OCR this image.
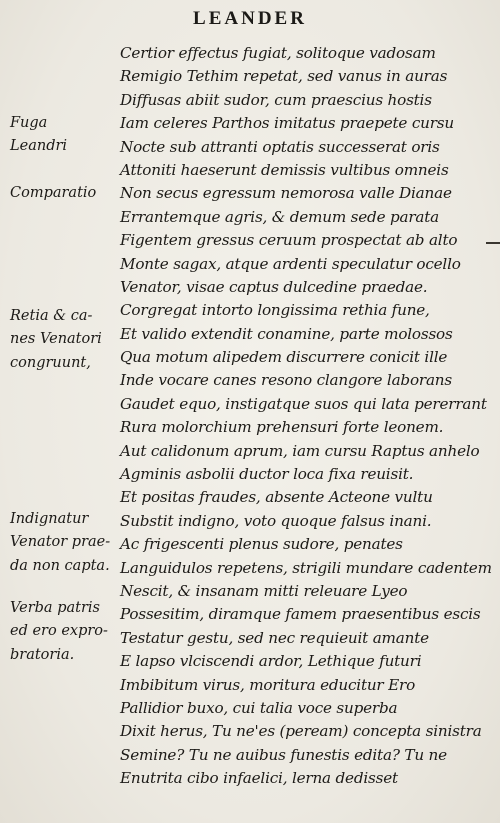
LEANDER
Certior effectus fugiat, solitoque vadosam
Remigio Tethim repetat, sed vanus in auras
Diffusas abiit sudor, cum praescius hostis
Iam celeres Parthos imitatus praepete cursu
Nocte sub attranti optatis successerat oris
Attoniti haeserunt demissis vultibus omneis
Non secus egressum nemorosa valle Dianae
Errantemque agris, & demum sede parata
Figentem gressus ceruum prospectat ab alto
Monte sagax, atque ardenti speculatur ocello
Venator, visae captus dulcedine praedae.
Corgregat intorto longissima rethia fune,
Et valido extendit conamine, parte molossos
Qua motum alipedem discurrere conicit ille
Inde vocare canes resono clangore laborans
Gaudet equo, instigatque suos qui lata pererrant
Rura molorchium prehensuri forte leonem.
Aut calidonum aprum, iam cursu Raptus anhelo
Agminis asbolii ductor loca fixa reuisit.
Et positas fraudes, absente Acteone vultu
Substit indigno, voto quoque falsus inani.
Ac frigescenti plenus sudore, penates
Languidulos repetens, strigili mundare cadentem
Nescit, & insanam mitti releuare Lyeo
Possesitim, diramque famem praesentibus escis
Testatur gestu, sed nec requieuit amante
E lapso vlciscendi ardor, Lethique futuri
Imbibitum virus, moritura educitur Ero
Pallidior buxo, cui talia voce superba
Dixit herus, Tu ne'es (peream) concepta sinistra
Semine? Tu ne auibus funestis edita? Tu ne
Enutrita cibo infaelici, lerna dedisset
Fuga
Leandri
Comparatio
Retia & ca-
nes Venatori
congruunt,
Indignatur
Venator prae-
da non capta.
Verba patris
ed ero expro-
bratoria.
